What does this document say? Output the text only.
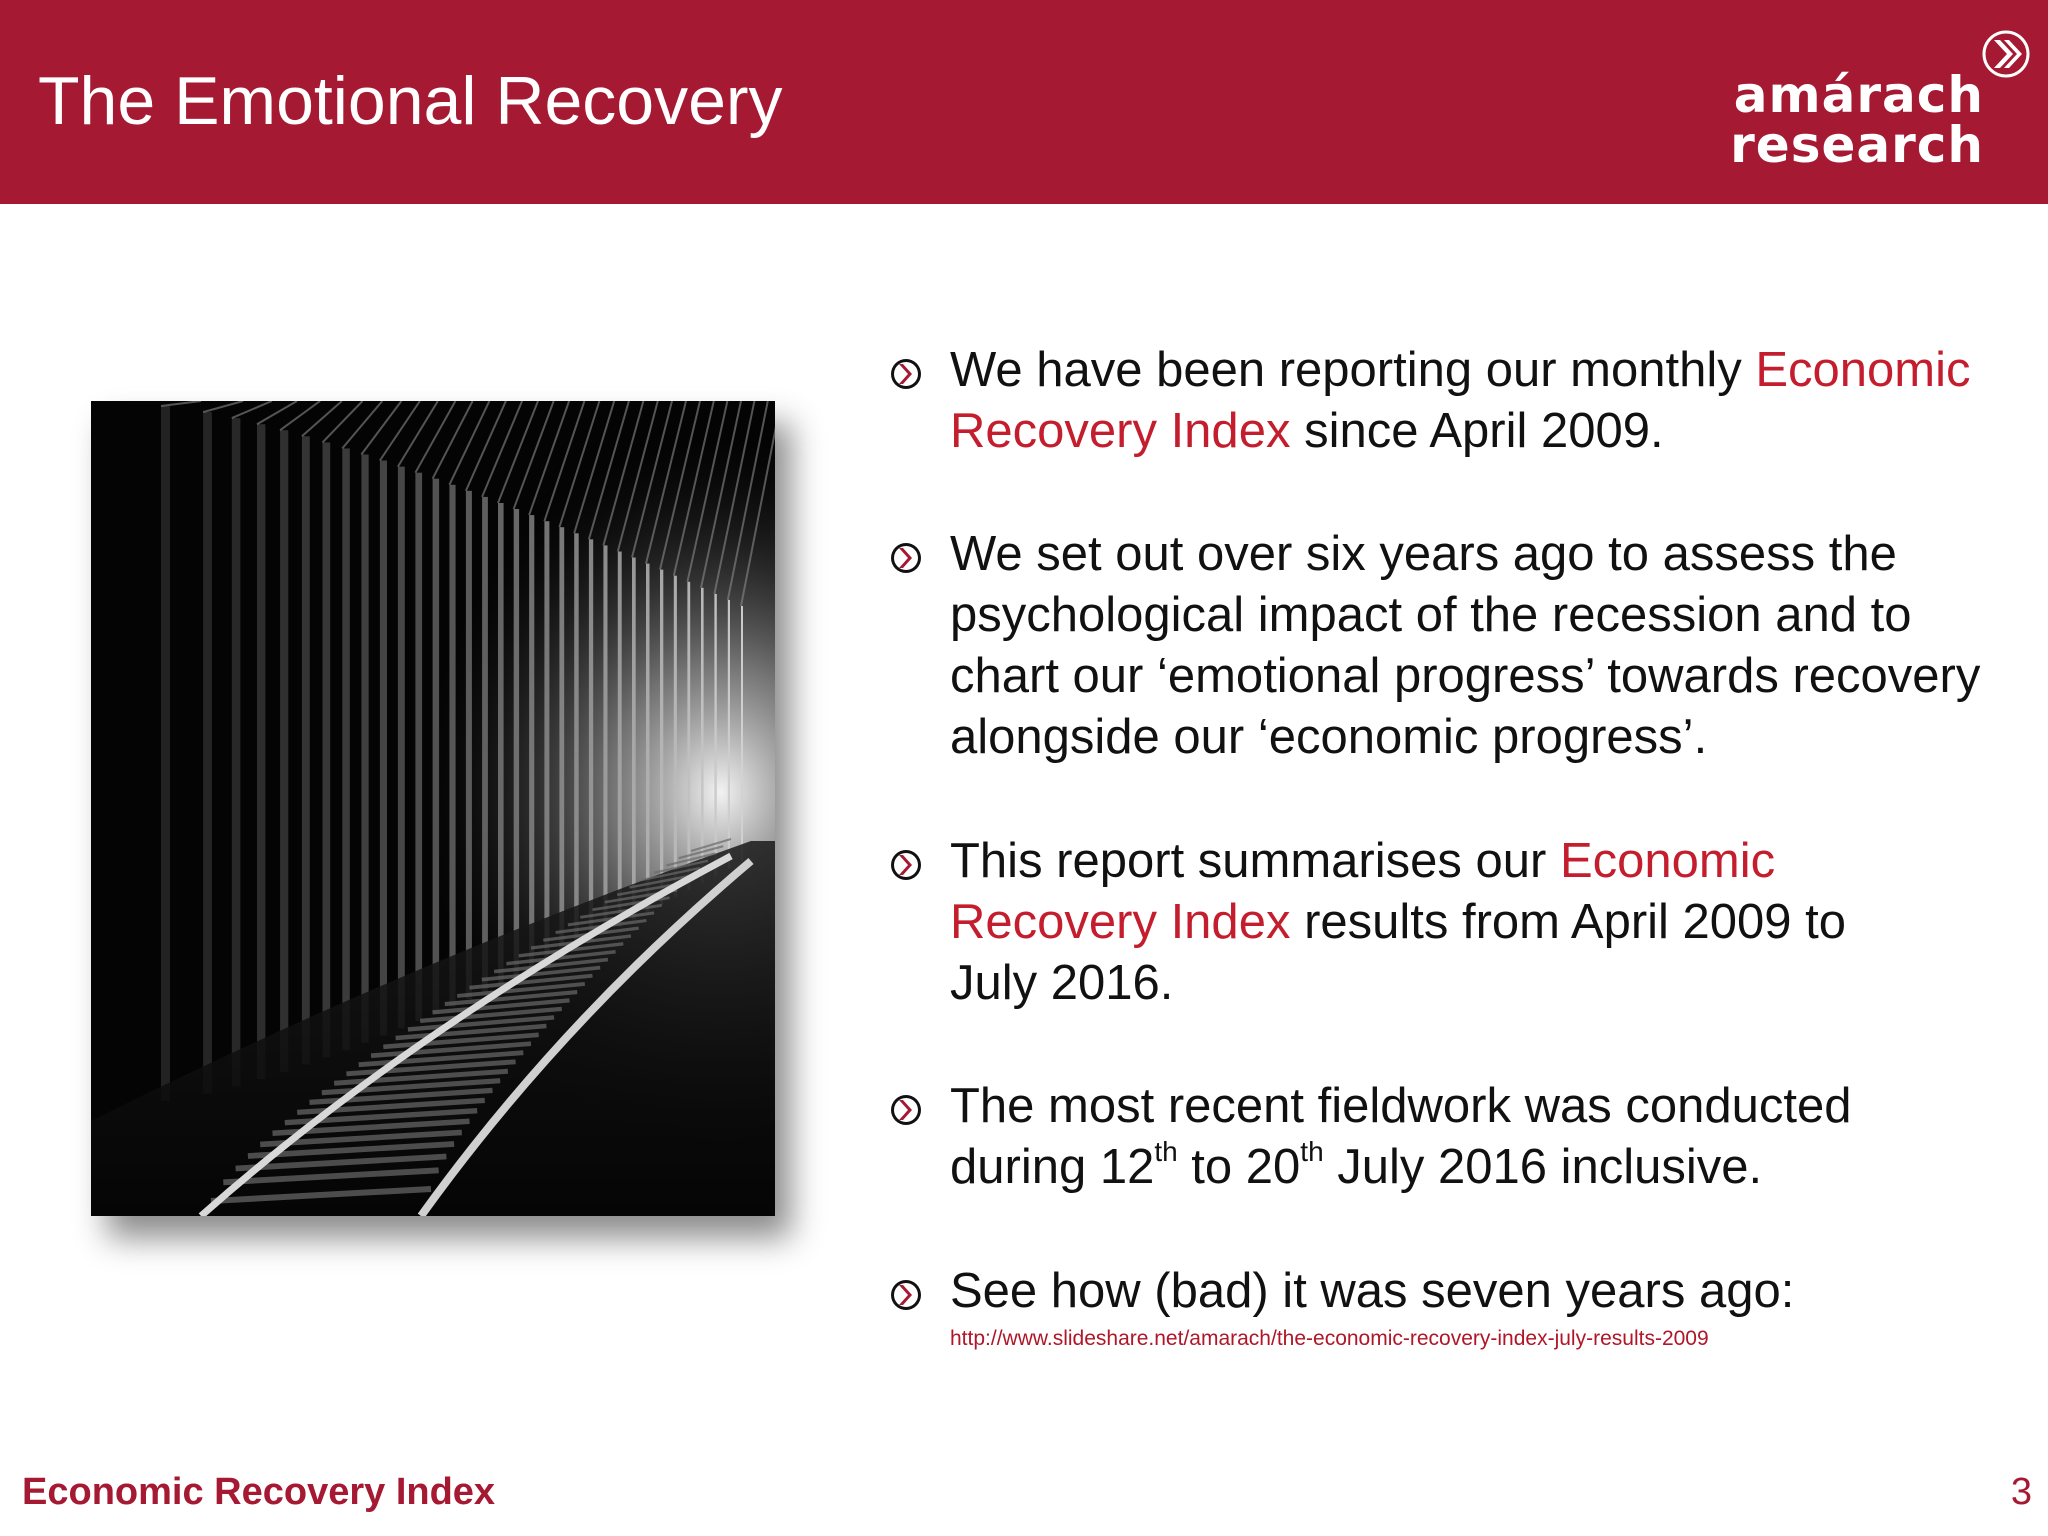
The Emotional Recovery	amárach
research
We have been reporting our monthly Economic Recovery Index since April 2009.
We set out over six years ago to assess the psychological impact of the recession and to chart our ‘emotional progress’ towards recovery alongside our ‘economic progress’.
This report summarises our Economic Recovery Index results from April 2009 to July 2016.
The most recent fieldwork was conducted during 12th to 20th July 2016 inclusive.
See how (bad) it was seven years ago:
http://www.slideshare.net/amarach/the-economic-recovery-index-july-results-2009
Economic Recovery Index	3
